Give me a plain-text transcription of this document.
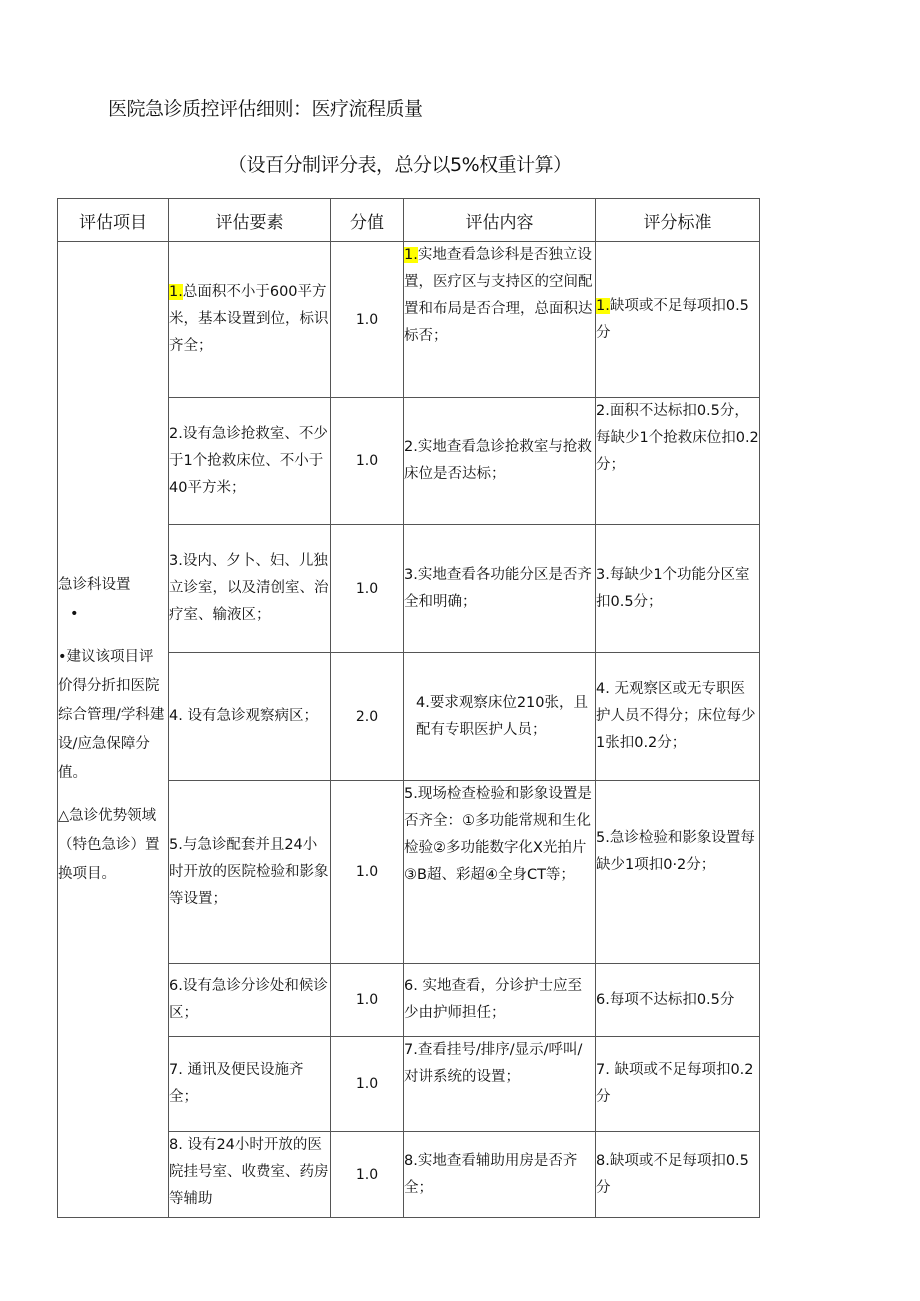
医院急诊质控评估细则：医疗流程质量
（设百分制评分表，总分以5%权重计算）
评估项目	评估要素	分值	评估内容	评分标准

急诊科设置
•
•建议该项目评价得分折扣医院综合管理/学科建设/应急保障分值。
△急诊优势领域（特色急诊）置换项目。	1.总面积不小于600平方米，基本设置到位，标识齐全；	1.0	1.实地查看急诊科是否独立设置，医疗区与支持区的空间配置和布局是否合理，总面积达标否；	1.缺项或不足每项扣0.5分
	2.设有急诊抢救室、不少于1个抢救床位、不小于40平方米；	1.0	2.实地查看急诊抢救室与抢救床位是否达标；	2.面积不达标扣0.5分，每缺少1个抢救床位扣0.2分；
	3.设内、夕卜、妇、儿独立诊室，以及清创室、治疗室、输液区；	1.0	3.实地查看各功能分区是否齐全和明确；	3.每缺少1个功能分区室扣0.5分；
	4. 设有急诊观察病区；	2.0	4.要求观察床位210张，且配有专职医护人员；	4. 无观察区或无专职医护人员不得分；床位每少1张扣0.2分；
	5.与急诊配套并且24小时开放的医院检验和影象等设置；	1.0	5.现场检查检验和影象设置是否齐全：①多功能常规和生化检验②多功能数字化X光拍片③B超、彩超④全身CT等；	5.急诊检验和影象设置每缺少1项扣0·2分；
	6.设有急诊分诊处和候诊区；	1.0	6. 实地查看，分诊护士应至少由护师担任；	6.每项不达标扣0.5分
	7. 通讯及便民设施齐全；	1.0	7.查看挂号/排序/显示/呼叫/对讲系统的设置；	7. 缺项或不足每项扣0.2分
	8. 设有24小时开放的医院挂号室、收费室、药房等辅助	1.0	8.实地查看辅助用房是否齐全；	8.缺项或不足每项扣0.5分
